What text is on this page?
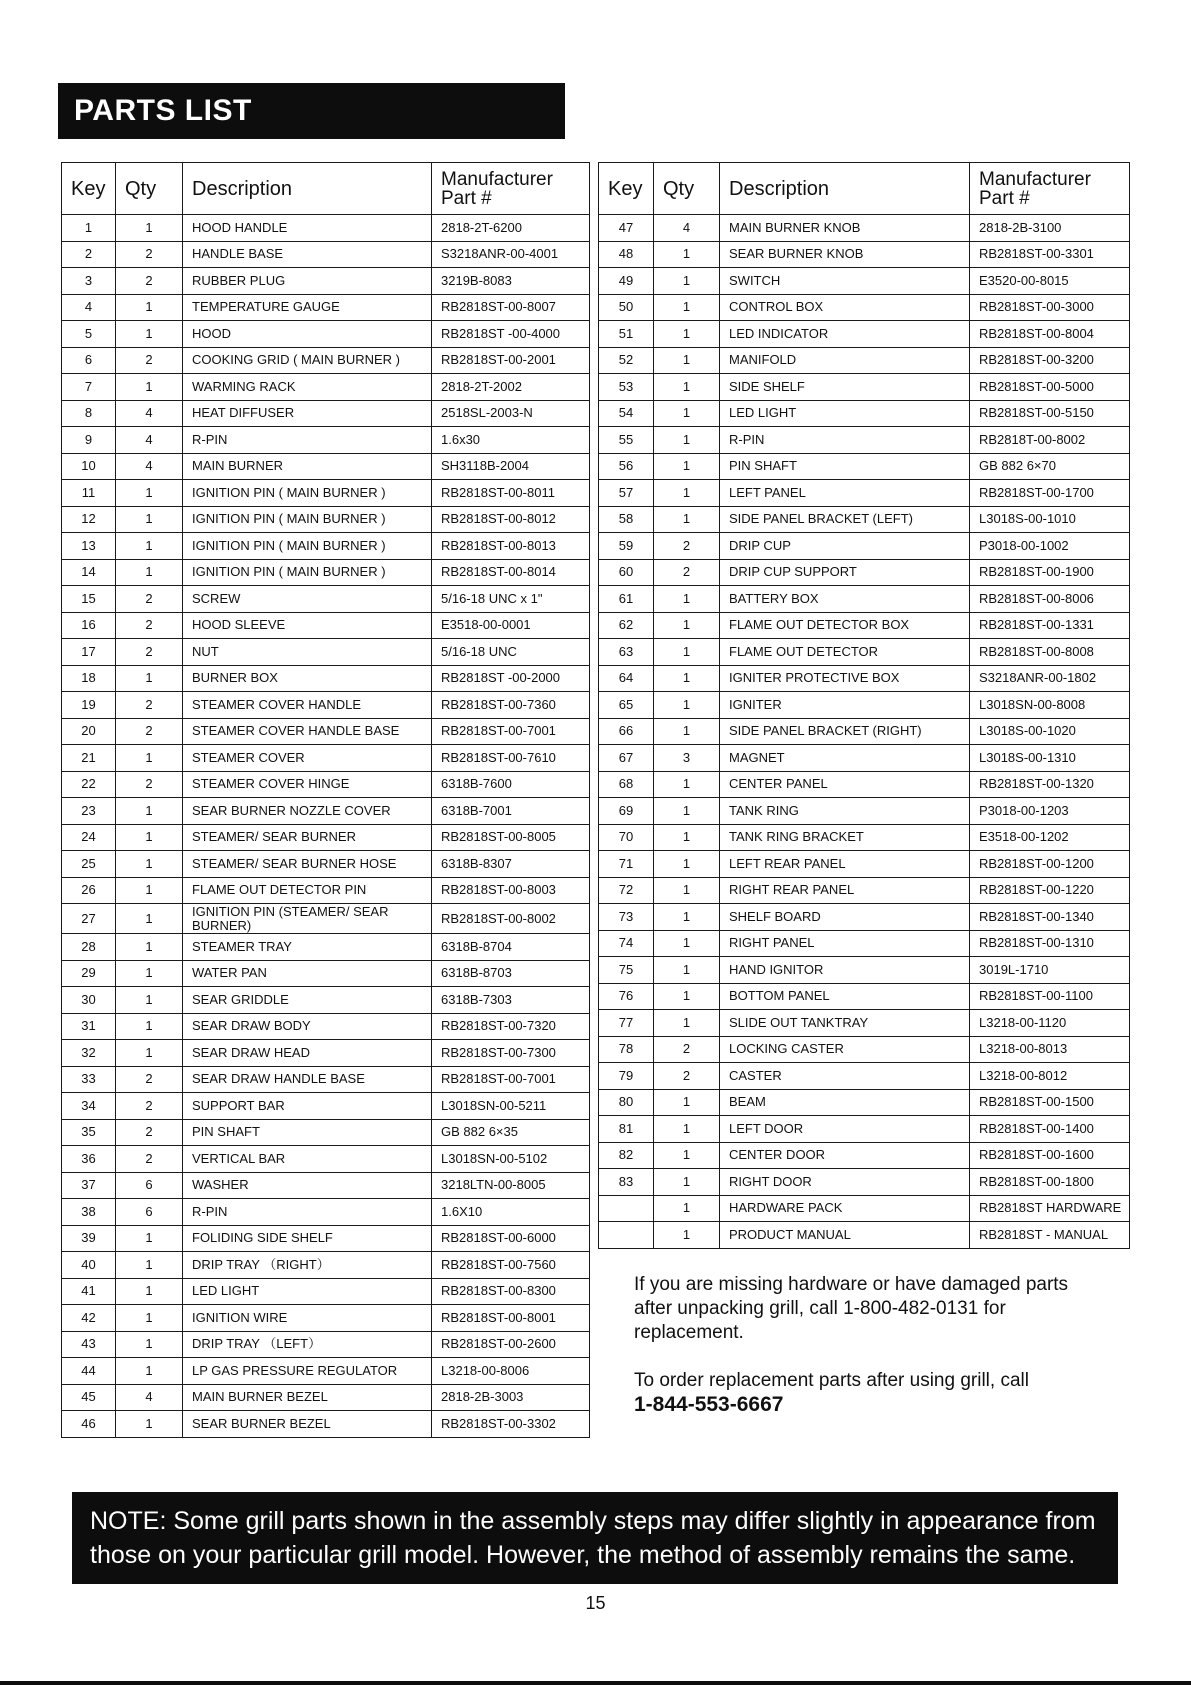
PARTS LIST
Key	Qty	Description	Manufacturer Part #
1	1	HOOD HANDLE	2818-2T-6200
2	2	HANDLE BASE	S3218ANR-00-4001
3	2	RUBBER PLUG	3219B-8083
4	1	TEMPERATURE GAUGE	RB2818ST-00-8007
5	1	HOOD	RB2818ST -00-4000
6	2	COOKING GRID ( MAIN BURNER )	RB2818ST-00-2001
7	1	WARMING RACK	2818-2T-2002
8	4	HEAT DIFFUSER	2518SL-2003-N
9	4	R-PIN	1.6x30
10	4	MAIN BURNER	SH3118B-2004
11	1	IGNITION PIN ( MAIN BURNER )	RB2818ST-00-8011
12	1	IGNITION PIN ( MAIN BURNER )	RB2818ST-00-8012
13	1	IGNITION PIN ( MAIN BURNER )	RB2818ST-00-8013
14	1	IGNITION PIN ( MAIN BURNER )	RB2818ST-00-8014
15	2	SCREW	5/16-18 UNC x 1"
16	2	HOOD SLEEVE	E3518-00-0001
17	2	NUT	5/16-18 UNC
18	1	BURNER BOX	RB2818ST -00-2000
19	2	STEAMER COVER HANDLE	RB2818ST-00-7360
20	2	STEAMER COVER HANDLE BASE	RB2818ST-00-7001
21	1	STEAMER COVER	RB2818ST-00-7610
22	2	STEAMER COVER HINGE	6318B-7600
23	1	SEAR BURNER NOZZLE COVER	6318B-7001
24	1	STEAMER/ SEAR BURNER	RB2818ST-00-8005
25	1	STEAMER/ SEAR BURNER HOSE	6318B-8307
26	1	FLAME OUT DETECTOR PIN	RB2818ST-00-8003
27	1	IGNITION PIN (STEAMER/ SEAR BURNER)	RB2818ST-00-8002
28	1	STEAMER TRAY	6318B-8704
29	1	WATER PAN	6318B-8703
30	1	SEAR GRIDDLE	6318B-7303
31	1	SEAR DRAW BODY	RB2818ST-00-7320
32	1	SEAR DRAW HEAD	RB2818ST-00-7300
33	2	SEAR DRAW HANDLE BASE	RB2818ST-00-7001
34	2	SUPPORT BAR	L3018SN-00-5211
35	2	PIN SHAFT	GB 882 6×35
36	2	VERTICAL BAR	L3018SN-00-5102
37	6	WASHER	3218LTN-00-8005
38	6	R-PIN	1.6X10
39	1	FOLIDING SIDE SHELF	RB2818ST-00-6000
40	1	DRIP TRAY （RIGHT）	RB2818ST-00-7560
41	1	LED LIGHT	RB2818ST-00-8300
42	1	IGNITION WIRE	RB2818ST-00-8001
43	1	DRIP TRAY （LEFT）	RB2818ST-00-2600
44	1	LP GAS PRESSURE REGULATOR	L3218-00-8006
45	4	MAIN BURNER BEZEL	2818-2B-3003
46	1	SEAR BURNER BEZEL	RB2818ST-00-3302
Key	Qty	Description	Manufacturer Part #
47	4	MAIN BURNER KNOB	2818-2B-3100
48	1	SEAR BURNER KNOB	RB2818ST-00-3301
49	1	SWITCH	E3520-00-8015
50	1	CONTROL BOX	RB2818ST-00-3000
51	1	LED INDICATOR	RB2818ST-00-8004
52	1	MANIFOLD	RB2818ST-00-3200
53	1	SIDE SHELF	RB2818ST-00-5000
54	1	LED LIGHT	RB2818ST-00-5150
55	1	R-PIN	RB2818T-00-8002
56	1	PIN SHAFT	GB 882 6×70
57	1	LEFT PANEL	RB2818ST-00-1700
58	1	SIDE PANEL BRACKET (LEFT)	L3018S-00-1010
59	2	DRIP CUP	P3018-00-1002
60	2	DRIP CUP SUPPORT	RB2818ST-00-1900
61	1	BATTERY BOX	RB2818ST-00-8006
62	1	FLAME OUT DETECTOR BOX	RB2818ST-00-1331
63	1	FLAME OUT DETECTOR	RB2818ST-00-8008
64	1	IGNITER PROTECTIVE BOX	S3218ANR-00-1802
65	1	IGNITER	L3018SN-00-8008
66	1	SIDE PANEL BRACKET (RIGHT)	L3018S-00-1020
67	3	MAGNET	L3018S-00-1310
68	1	CENTER PANEL	RB2818ST-00-1320
69	1	TANK RING	P3018-00-1203
70	1	TANK RING BRACKET	E3518-00-1202
71	1	LEFT REAR PANEL	RB2818ST-00-1200
72	1	RIGHT REAR PANEL	RB2818ST-00-1220
73	1	SHELF BOARD	RB2818ST-00-1340
74	1	RIGHT PANEL	RB2818ST-00-1310
75	1	HAND IGNITOR	3019L-1710
76	1	BOTTOM PANEL	RB2818ST-00-1100
77	1	SLIDE OUT TANKTRAY	L3218-00-1120
78	2	LOCKING CASTER	L3218-00-8013
79	2	CASTER	L3218-00-8012
80	1	BEAM	RB2818ST-00-1500
81	1	LEFT DOOR	RB2818ST-00-1400
82	1	CENTER DOOR	RB2818ST-00-1600
83	1	RIGHT DOOR	RB2818ST-00-1800
	1	HARDWARE PACK	RB2818ST HARDWARE
	1	PRODUCT MANUAL	RB2818ST - MANUAL

If you are missing hardware or have damaged parts after unpacking grill, call 1-800-482-0131 for replacement.

To order replacement parts after using grill, call
1-844-553-6667

NOTE: Some grill parts shown in the assembly steps may differ slightly in appearance from those on your particular grill model. However, the method of assembly remains the same.
15
